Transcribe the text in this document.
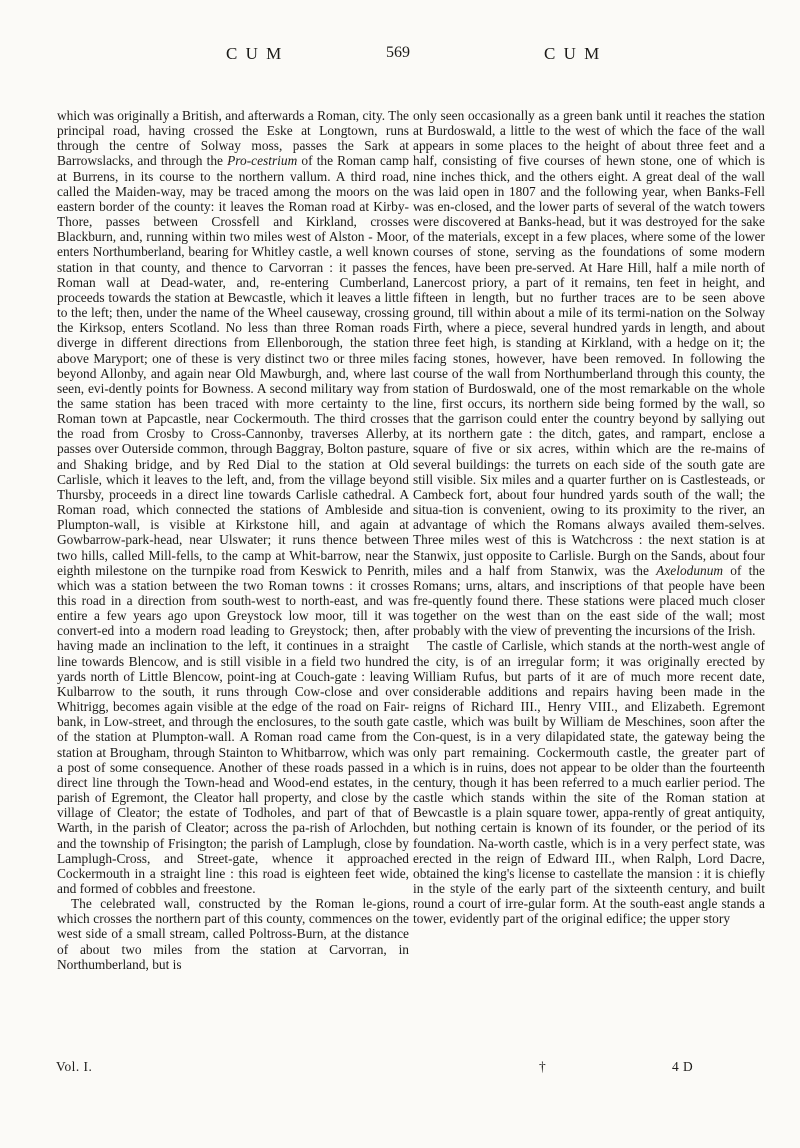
C U M	569	C U M

which was originally a British, and afterwards a Roman, city. The principal road, having crossed the Eske at Longtown, runs through the centre of Solway moss, passes the Sark at Barrowslacks, and through the Pro-cestrium of the Roman camp at Burrens, in its course to the northern vallum. A third road, called the Maiden-way, may be traced among the moors on the eastern border of the county: it leaves the Roman road at Kirby-Thore, passes between Crossfell and Kirkland, crosses Blackburn, and, running within two miles west of Alston - Moor, enters Northumberland, bearing for Whitley castle, a well known station in that county, and thence to Carvorran : it passes the Roman wall at Dead-water, and, re-entering Cumberland, proceeds towards the station at Bewcastle, which it leaves a little to the left; then, under the name of the Wheel causeway, crossing the Kirksop, enters Scotland. No less than three Roman roads diverge in different directions from Ellenborough, the station above Maryport; one of these is very distinct two or three miles beyond Allonby, and again near Old Mawburgh, and, where last seen, evi-dently points for Bowness. A second military way from the same station has been traced with more certainty to the Roman town at Papcastle, near Cockermouth. The third crosses the road from Crosby to Cross-Cannonby, traverses Allerby, passes over Outerside common, through Baggray, Bolton pasture, and Shaking bridge, and by Red Dial to the station at Old Carlisle, which it leaves to the left, and, from the village beyond Thursby, proceeds in a direct line towards Carlisle cathedral. A Roman road, which connected the stations of Ambleside and Plumpton-wall, is visible at Kirkstone hill, and again at Gowbarrow-park-head, near Ulswater; it runs thence between two hills, called Mill-fells, to the camp at Whit-barrow, near the eighth milestone on the turnpike road from Keswick to Penrith, which was a station between the two Roman towns : it crosses this road in a direction from south-west to north-east, and was entire a few years ago upon Greystock low moor, till it was convert-ed into a modern road leading to Greystock; then, after having made an inclination to the left, it continues in a straight line towards Blencow, and is still visible in a field two hundred yards north of Little Blencow, point-ing at Couch-gate : leaving Kulbarrow to the south, it runs through Cow-close and over Whitrigg, becomes again visible at the edge of the road on Fair-bank, in Low-street, and through the enclosures, to the south gate of the station at Plumpton-wall. A Roman road came from the station at Brougham, through Stainton to Whitbarrow, which was a post of some consequence. Another of these roads passed in a direct line through the Town-head and Wood-end estates, in the parish of Egremont, the Cleator hall property, and close by the village of Cleator; the estate of Todholes, and part of that of Warth, in the parish of Cleator; across the pa-rish of Arlochden, and the township of Frisington; the parish of Lamplugh, close by Lamplugh-Cross, and Street-gate, whence it approached Cockermouth in a straight line : this road is eighteen feet wide, and formed of cobbles and freestone.

The celebrated wall, constructed by the Roman le-gions, which crosses the northern part of this county, commences on the west side of a small stream, called Poltross-Burn, at the distance of about two miles from the station at Carvorran, in Northumberland, but is

only seen occasionally as a green bank until it reaches the station at Burdoswald, a little to the west of which the face of the wall appears in some places to the height of about three feet and a half, consisting of five courses of hewn stone, one of which is nine inches thick, and the others eight. A great deal of the wall was laid open in 1807 and the following year, when Banks-Fell was en-closed, and the lower parts of several of the watch towers were discovered at Banks-head, but it was destroyed for the sake of the materials, except in a few places, where some of the lower courses of stone, serving as the foundations of some modern fences, have been pre-served. At Hare Hill, half a mile north of Lanercost priory, a part of it remains, ten feet in height, and fifteen in length, but no further traces are to be seen above ground, till within about a mile of its termi-nation on the Solway Firth, where a piece, several hundred yards in length, and about three feet high, is standing at Kirkland, with a hedge on it; the facing stones, however, have been removed. In following the course of the wall from Northumberland through this county, the station of Burdoswald, one of the most remarkable on the whole line, first occurs, its northern side being formed by the wall, so that the garrison could enter the country beyond by sallying out at its northern gate : the ditch, gates, and rampart, enclose a square of five or six acres, within which are the re-mains of several buildings: the turrets on each side of the south gate are still visible. Six miles and a quarter further on is Castlesteads, or Cambeck fort, about four hundred yards south of the wall; the situa-tion is convenient, owing to its proximity to the river, an advantage of which the Romans always availed them-selves. Three miles west of this is Watchcross : the next station is at Stanwix, just opposite to Carlisle. Burgh on the Sands, about four miles and a half from Stanwix, was the Axelodunum of the Romans; urns, altars, and inscriptions of that people have been fre-quently found there. These stations were placed much closer together on the west than on the east side of the wall; most probably with the view of preventing the incursions of the Irish.

The castle of Carlisle, which stands at the north-west angle of the city, is of an irregular form; it was originally erected by William Rufus, but parts of it are of much more recent date, considerable additions and repairs having been made in the reigns of Richard III., Henry VIII., and Elizabeth. Egremont castle, which was built by William de Meschines, soon after the Con-quest, is in a very dilapidated state, the gateway being the only part remaining. Cockermouth castle, the greater part of which is in ruins, does not appear to be older than the fourteenth century, though it has been referred to a much earlier period. The castle which stands within the site of the Roman station at Bewcastle is a plain square tower, appa-rently of great antiquity, but nothing certain is known of its founder, or the period of its foundation. Na-worth castle, which is in a very perfect state, was erected in the reign of Edward III., when Ralph, Lord Dacre, obtained the king's license to castellate the mansion : it is chiefly in the style of the early part of the sixteenth century, and built round a court of irre-gular form. At the south-east angle stands a tower, evidently part of the original edifice; the upper story

Vol. I.	†	4 D
